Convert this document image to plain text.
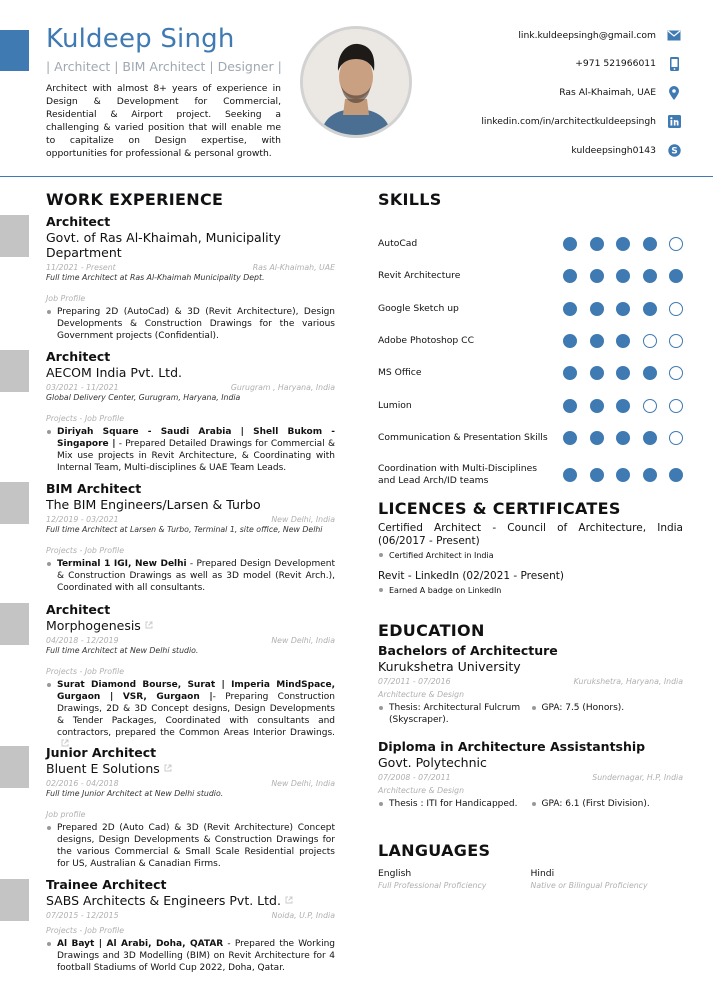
Kuldeep Singh
| Architect | BIM Architect | Designer |
Architect with almost 8+ years of experience in Design & Development for Commercial, Residential & Airport project. Seeking a challenging & varied position that will enable me to capitalize on Design expertise, with opportunities for professional & personal growth.
link.kuldeepsingh@gmail.com
+971 521966011
Ras Al-Khaimah, UAE
linkedin.com/in/architectkuldeepsingh
kuldeepsingh0143 S
WORK EXPERIENCE
Architect
Govt. of Ras Al-Khaimah, Municipality Department
11/2021 - Present	Ras Al-Khaimah, UAE
Full time Architect at Ras Al-Khaimah Municipality Dept.
Job Profile
Preparing 2D (AutoCad) & 3D (Revit Architecture), Design Developments & Construction Drawings for the various Government projects (Confidential).
Architect
AECOM India Pvt. Ltd.
03/2021 - 11/2021	Gurugram , Haryana, India
Global Delivery Center, Gurugram, Haryana, India
Projects - Job Profile
Diriyah Square - Saudi Arabia | Shell Bukom - Singapore | - Prepared Detailed Drawings for Commercial & Mix use projects in Revit Architecture, & Coordinating with Internal Team, Multi-disciplines & UAE Team Leads.
BIM Architect
The BIM Engineers/Larsen & Turbo
12/2019 - 03/2021	New Delhi, India
Full time Architect at Larsen & Turbo, Terminal 1, site office, New Delhi
Projects - Job Profile
Terminal 1 IGI, New Delhi - Prepared Design Development & Construction Drawings as well as 3D model (Revit Arch.), Coordinated with all consultants.
Architect
Morphogenesis
04/2018 - 12/2019	New Delhi, India
Full time Architect at New Delhi studio.
Projects - Job Profile
Surat Diamond Bourse, Surat | Imperia MindSpace, Gurgaon | VSR, Gurgaon |- Preparing Construction Drawings, 2D & 3D Concept designs, Design Developments & Tender Packages, Coordinated with consultants and contractors, prepared the Common Areas Interior Drawings.
Junior Architect
Bluent E Solutions
02/2016 - 04/2018	New Delhi, India
Full time Junior Architect at New Delhi studio.
Job profile
Prepared 2D (Auto Cad) & 3D (Revit Architecture) Concept designs, Design Developments & Construction Drawings for the various Commercial & Small Scale Residential projects for US, Australian & Canadian Firms.
Trainee Architect
SABS Architects & Engineers Pvt. Ltd.
07/2015 - 12/2015	Noida, U.P, India
Projects - Job Profile
Al Bayt | Al Arabi, Doha, QATAR - Prepared the Working Drawings and 3D Modelling (BIM) on Revit Architecture for 4 football Stadiums of World Cup 2022, Doha, Qatar.
SKILLS
AutoCad
Revit Architecture
Google Sketch up
Adobe Photoshop CC
MS Office
Lumion
Communication & Presentation Skills
Coordination with Multi-Disciplines and Lead Arch/ID teams
LICENCES & CERTIFICATES
Certified Architect - Council of Architecture, India (06/2017 - Present)
Certified Architect in India
Revit - LinkedIn (02/2021 - Present)
Earned A badge on LinkedIn
EDUCATION
Bachelors of Architecture
Kurukshetra University
07/2011 - 07/2016	Kurukshetra, Haryana, India
Architecture & Design
Thesis: Architectural Fulcrum (Skyscraper).
GPA: 7.5 (Honors).
Diploma in Architecture Assistantship
Govt. Polytechnic
07/2008 - 07/2011	Sundernagar, H.P, India
Architecture & Design
Thesis : ITI for Handicapped.	GPA: 6.1 (First Division).
LANGUAGES
English
Full Professional Proficiency
Hindi
Native or Bilingual Proficiency
